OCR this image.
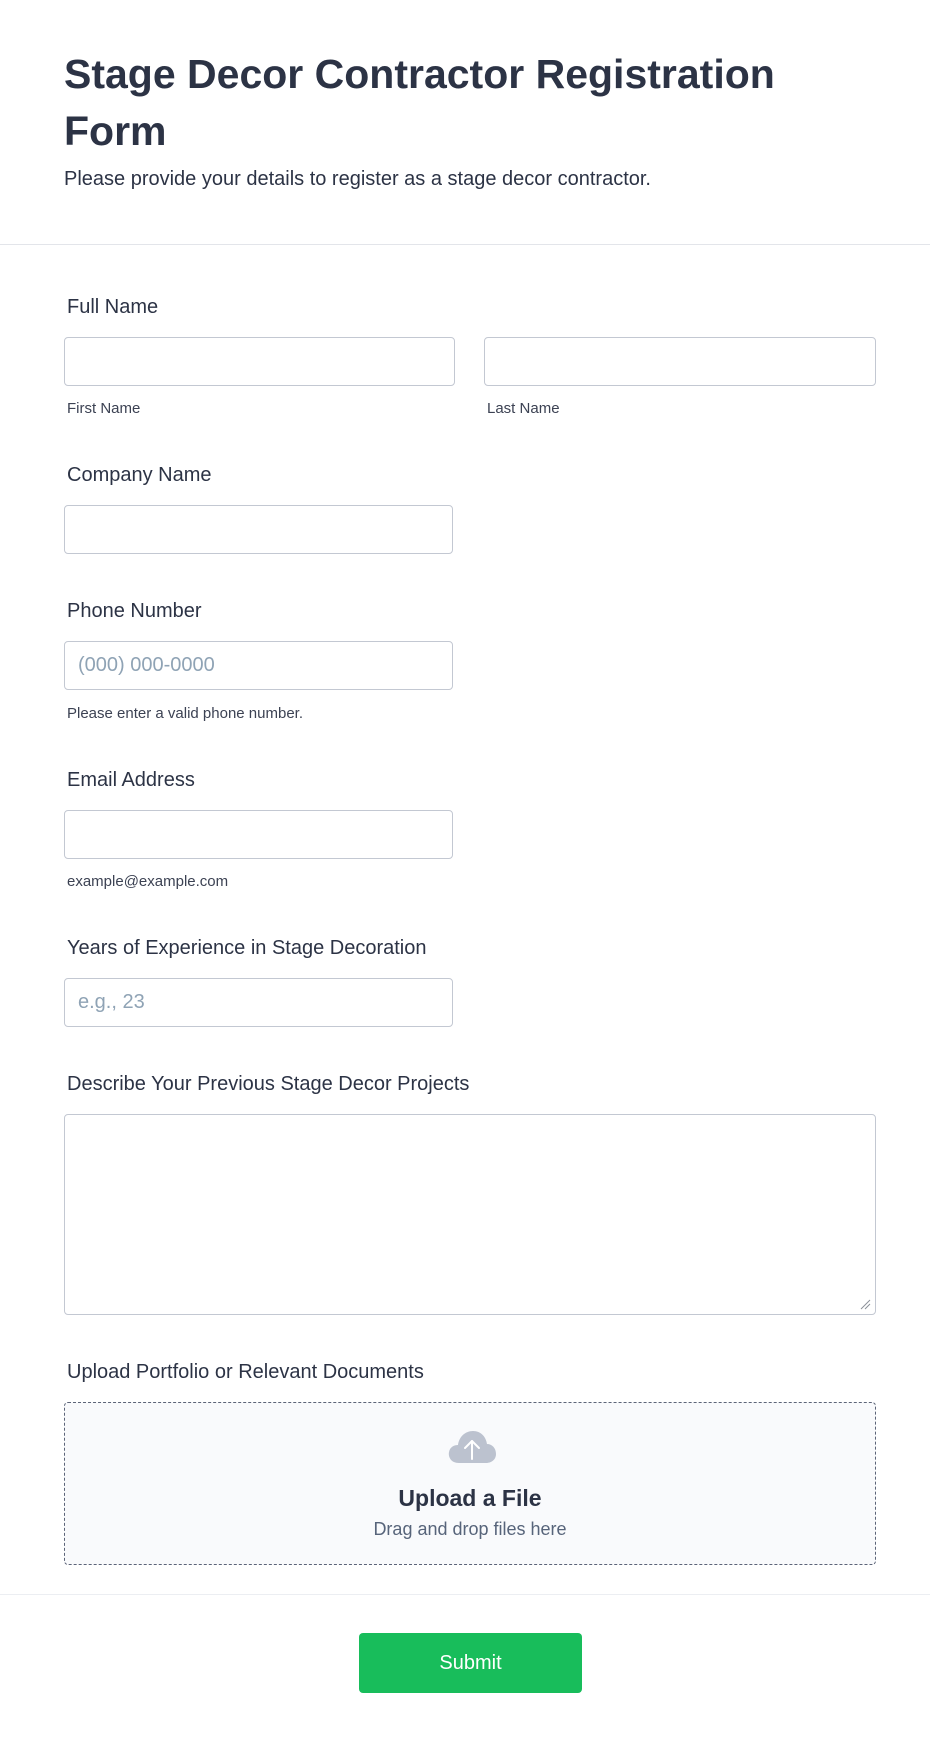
Stage Decor Contractor Registration Form

Please provide your details to register as a stage decor contractor.

Full Name
First Name	Last Name
Company Name
Phone Number
(000) 000-0000
Please enter a valid phone number.
Email Address
example@example.com
Years of Experience in Stage Decoration
e.g., 23
Describe Your Previous Stage Decor Projects
Upload Portfolio or Relevant Documents
Upload a File
Drag and drop files here
Submit
